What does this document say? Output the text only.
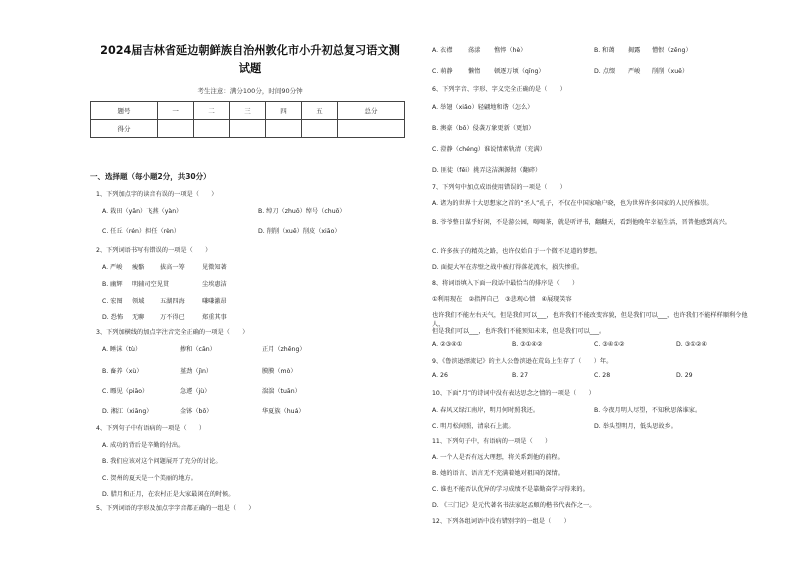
2024届吉林省延边朝鲜族自治州敦化市小升初总复习语文测
试题
考生注意：满分100分，时间90分钟
题号	一	二	三	四	五	总分
得分						
一、选择题（每小题2分，共30分）
1、下列加点字的读音有误的一项是（　　）
A. 栽田（yān）飞燕（yàn）	B. 绰刀（zhuō）绰号（chuō）
C. 任丘（rén）担任（rèn）	D. 削削（xuē）削皮（xiāo）
2、下列词语书写有错误的一项是（　　）
A. 严峻 瘦骼	拔高一筹	见微知著
B. 幽辉 明辅司空见贯	尘埃惠洁
C. 宏图 领域	五湖四海	嗛嗛激昂
D. 恐怖 无聊	万不得已	郑重其事
3、下列加横线的加点字注音完全正确的一项是（　　）
A. 睡沫（tù）	掺和（cān）	正月（zhēng）
B. 畜养（xù）	堇劲（jìn）	膜膜（mò）
C. 瞟见（piāo）	急遽（jù）	湍湍（tuān）
D. 湘江（xiāng）	金钵（bō）	华夏族（huá）
4、下列句子中有语病的一项是（　　）
A. 成功的背后是辛勤的付出。
B. 我们应该对这个问题展开了充分的讨论。
C. 贺州的夏天是一个美丽的地方。
D. 腊月和正月，在农村正是大家最闲在的时候。
5、下列词语的字形及加点字字音都正确的一组是（　　）
A. 衣襟	荡漾 憔悴（hè）	B. 和蔼 揭露 憎恨（zēng）
C. 萌静 懒惰 顿逐万顷（qīng）	D. 点缀 严峻 削削（xuē）
6、下列字音、字形、字义完全正确的是（　　）
A. 举翅（xiǎo）轻翩地和谐（怎么）
B. 澳豪（bō）侵袭万象更新（更加）
C. 澄静（chéng）谁说情素轨清（充满）
D. 匪徒（fěi）挑弄这洁渊源沏（翻碎）
7、下列句中加点成语使用错误的一项是（　　）
A. 诸为的世界十大思想家之首的“圣人”孔子，不仅在中国家喻户晓，也为世界许多国家的人民所推崇。
B. 爷爷整日谋乎好闲，不是游公园，喝喝茶，就是听评书，翻翻天，看到他晚年幸福生活，晋普他感到高兴。
C. 许多孩子的精英之路，也许仅始自于一个微不足道的梦想。
D. 面提大军在赤壁之战中被打得落花流水，损失惨重。
8、将词语填入下面一段话中最恰当的排序是（　　）
①利用现在　②指挥自己　③悲观心情　④展现笑容
也许我们不能左右天气，但是我们可以___，也许我们不能改变容貌，但是我们可以___，也许我们不能样样顺利令他人，
但是我们可以___，也许我们不能预知未来，但是我们可以___。
A. ②③④①	B. ③①④②	C. ③④①②	D. ③①②④
9、《鲁滨逊漂流记》的主人公鲁滨逊在荒岛上生存了（　　）年。
A. 26	B. 27	C. 28	D. 29
10、下面“月”的诗词中没有表达思念之情的一项是（　　）
A. 春风又绿江南岸，明月何时照我还。	B. 今夜月明人尽望，不知秋思落谁家。
C. 明月松间照，清泉石上流。	D. 举头望明月，低头思故乡。
11、下列句子中，有语病的一项是（　　）
A. 一个人是否有远大理想，将关系到他的前程。
B. 她的语言、语言无不充满着她对祖国的深情。
C. 谁也不能否认优异的学习成绩不是靠勤奋学习得来的。
D. 《三门记》是元代著名书法家赵孟頫的楷书代表作之一。
12、下列各组词语中没有错别字的一组是（　　）
